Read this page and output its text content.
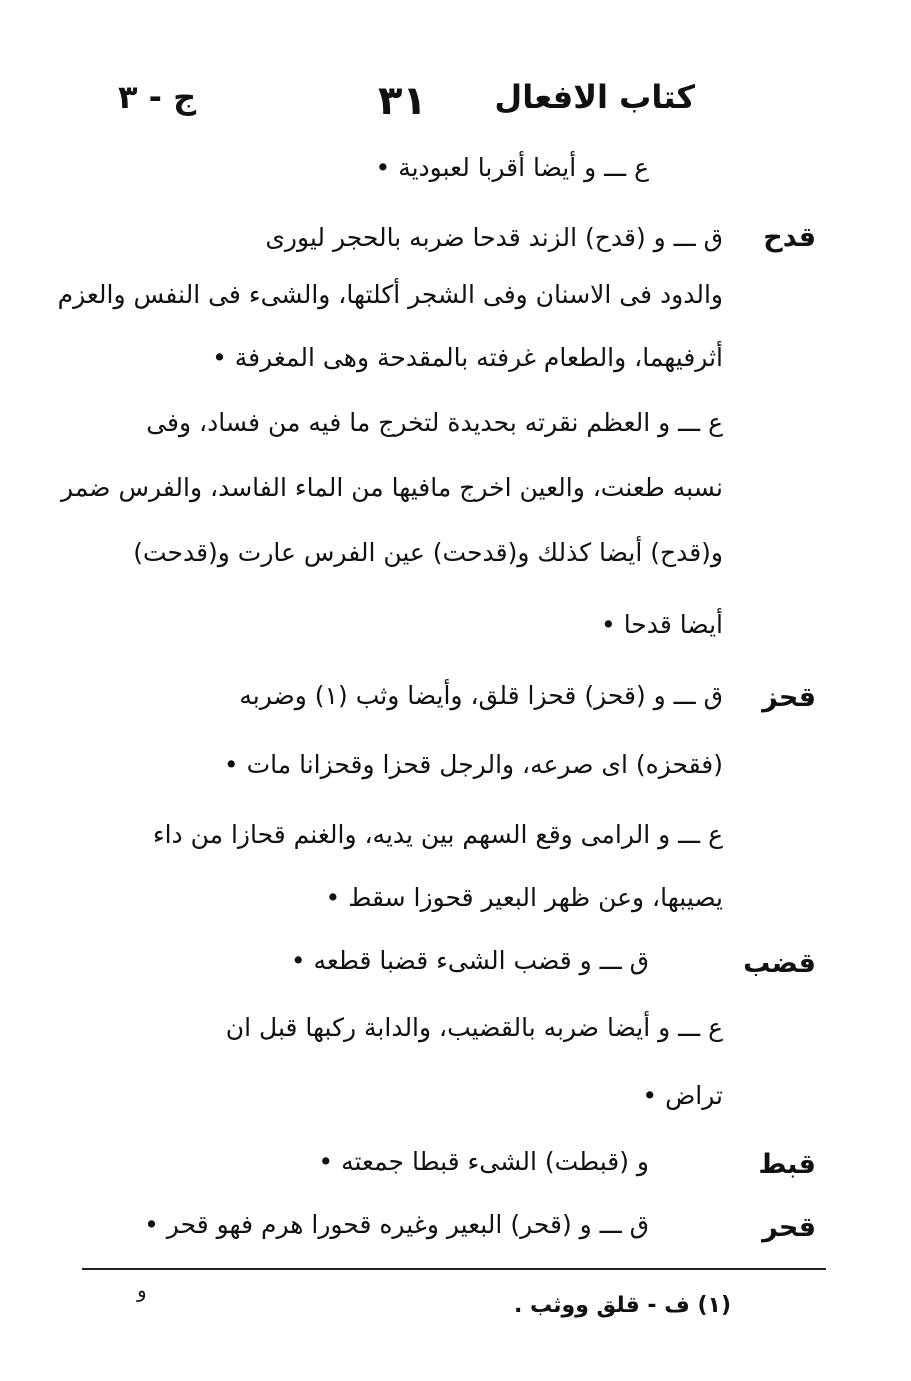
كتاب الافعال
٣١
ج - ٣
قدح
قحز
قضب
قبط
قحر
ع ـــ و أيضا أقربا لعبودية •
ق ـــ و (قدح) الزند قدحا ضربه بالحجر ليورى
والدود فى الاسنان وفى الشجر أكلتها، والشىء فى النفس والعزم
أثرفيهما، والطعام غرفته بالمقدحة وهى المغرفة •
ع ـــ و العظم نقرته بحديدة لتخرج ما فيه من فساد، وفى
نسبه طعنت، والعين اخرج مافيها من الماء الفاسد، والفرس ضمر
و(قدح) أيضا كذلك و(قدحت) عين الفرس عارت و(قدحت)
أيضا قدحا •
ق ـــ و (قحز) قحزا قلق، وأيضا وثب (١) وضربه
(فقحزه) اى صرعه، والرجل قحزا وقحزانا مات •
ع ـــ و الرامى وقع السهم بين يديه، والغنم قحازا من داء
يصيبها، وعن ظهر البعير قحوزا سقط •
ق ـــ و قضب الشىء قضبا قطعه •
ع ـــ و أيضا ضربه بالقضيب، والدابة ركبها قبل ان
تراض •
و (قبطت) الشىء قبطا جمعته •
ق ـــ و (قحر) البعير وغيره قحورا هرم فهو قحر •
(١) ف - قلق ووثب .
و
